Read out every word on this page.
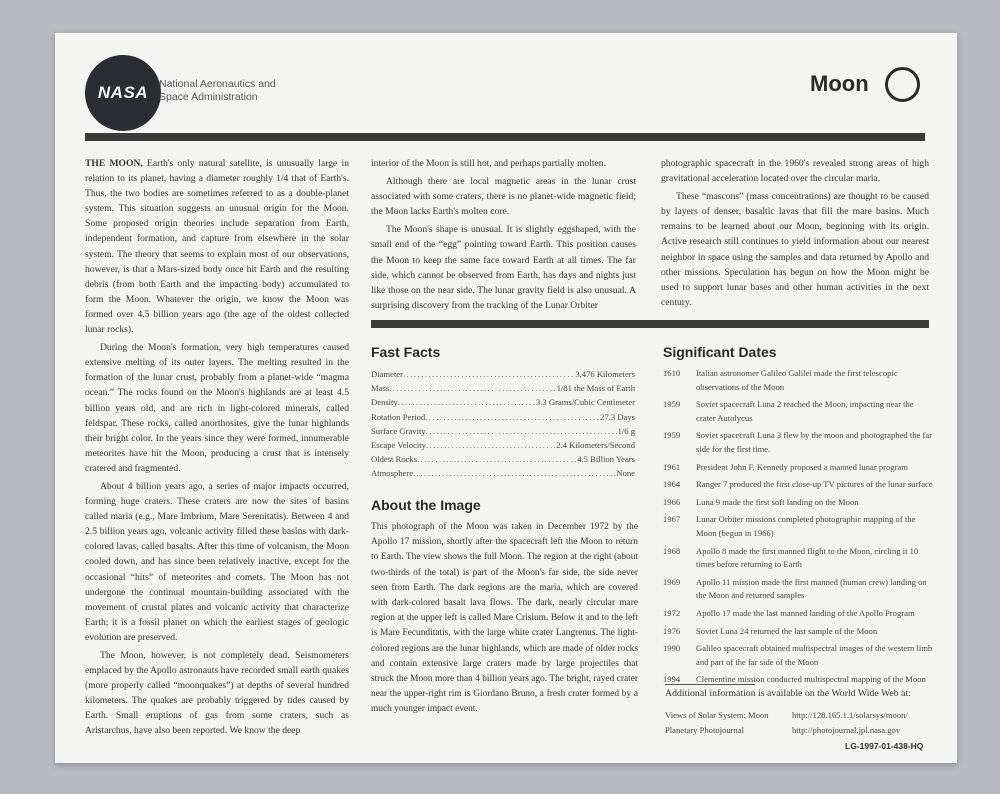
NASA National Aeronautics and
Space Administration
Moon

THE MOON, Earth's only natural satellite, is unusually large in relation to its planet, having a diameter roughly 1/4 that of Earth's. Thus, the two bodies are sometimes referred to as a double-planet system. This situation suggests an unusual origin for the Moon. Some proposed origin theories include separation from Earth, independent formation, and capture from elsewhere in the solar system. The theory that seems to explain most of our observations, however, is that a Mars-sized body once hit Earth and the resulting debris (from both Earth and the impacting body) accumulated to form the Moon. Whatever the origin, we know the Moon was formed over 4.5 billion years ago (the age of the oldest collected lunar rocks).

During the Moon's formation, very high temperatures caused extensive melting of its outer layers. The melting resulted in the formation of the lunar crust, probably from a planet-wide “magma ocean.” The rocks found on the Moon's highlands are at least 4.5 billion years old, and are rich in light-colored minerals, called feldspar. These rocks, called anorthosites, give the lunar highlands their bright color. In the years since they were formed, innumerable meteorites have hit the Moon, producing a crust that is intensely cratered and fragmented.

About 4 billion years ago, a series of major impacts occurred, forming huge craters. These craters are now the sites of basins called maria (e.g., Mare Imbrium, Mare Serenitatis). Between 4 and 2.5 billion years ago, volcanic activity filled these basins with dark-colored lavas, called basalts. After this time of volcanism, the Moon cooled down, and has since been relatively inactive, except for the occasional “hits” of meteorites and comets. The Moon has not undergone the continual mountain-building associated with the movement of crustal plates and volcanic activity that characterize Earth; it is a fossil planet on which the earliest stages of geologic evolution are preserved.

The Moon, however, is not completely dead. Seismometers emplaced by the Apollo astronauts have recorded small earth quakes (more properly called “moonquakes”) at depths of several hundred kilometers. The quakes are probably triggered by tides caused by Earth. Small eruptions of gas from some craters, such as Aristarchus, have also been reported. We know the deep

interior of the Moon is still hot, and perhaps partially molten.

Although there are local magnetic areas in the lunar crust associated with some craters, there is no planet-wide magnetic field; the Moon lacks Earth's molten core.

The Moon's shape is unusual. It is slightly eggshaped, with the small end of the “egg” pointing toward Earth. This position causes the Moon to keep the same face toward Earth at all times. The far side, which cannot be observed from Earth, has days and nights just like those on the near side. The lunar gravity field is also unusual. A surprising discovery from the tracking of the Lunar Orbiter

photographic spacecraft in the 1960's revealed strong areas of high gravitational acceleration located over the circular maria.

These “mascons” (mass concentrations) are thought to be caused by layers of denser, basaltic lavas that fill the mare basins. Much remains to be learned about our Moon, beginning with its origin. Active research still continues to yield information about our nearest neighbor in space using the samples and data returned by Apollo and other missions. Speculation has begun on how the Moon might be used to support lunar bases and other human activities in the next century.

Fast Facts
Diameter .....	3,476 Kilometers
Mass .....	1/81 the Mass of Earth
Density .....	3.3 Grams/Cubic Centimeter
Rotation Period .....	27.3 Days
Surface Gravity .....	1/6 g
Escape Velocity .....	2.4 Kilometers/Second
Oldest Rocks .....	4.5 Billion Years
Atmosphere .....	None
About the Image

This photograph of the Moon was taken in December 1972 by the Apollo 17 mission, shortly after the spacecraft left the Moon to return to Earth. The view shows the full Moon. The region at the right (about two-thirds of the total) is part of the Moon's far side, the side never seen from Earth. The dark regions are the maria, which are covered with dark-colored basalt lava flows. The dark, nearly circular mare region at the upper left is called Mare Crisium. Below it and to the left is Mare Fecunditatis, with the large white crater Langrenus. The light-colored regions are the lunar highlands, which are made of older rocks and contain extensive large craters made by large projectiles that struck the Moon more than 4 billion years ago. The bright, rayed crater near the upper-right rim is Giordano Bruno, a fresh crater formed by a much younger impact event.

Significant Dates
1610	Italian astronomer Galileo Galilei made the first telescopic observations of the Moon
1959	Soviet spacecraft Luna 2 reached the Moon, impacting near the crater Autolycus
1959	Soviet spacecraft Luna 3 flew by the moon and photographed the far side for the first time.
1961	President John F. Kennedy proposed a manned lunar program
1964	Ranger 7 produced the first close-up TV pictures of the lunar surface
1966	Luna 9 made the first soft landing on the Moon
1967	Lunar Orbiter missions completed photographic mapping of the Moon (begun in 1966)
1968	Apollo 8 made the first manned flight to the Moon, circling it 10 times before returning to Earth
1969	Apollo 11 mission made the first manned (human crew) landing on the Moon and returned samples
1972	Apollo 17 made the last manned landing of the Apollo Program
1976	Soviet Luna 24 returned the last sample of the Moon
1990	Galileo spacecraft obtained multispectral images of the western limb and part of the far side of the Moon
1994	Clementine mission conducted multispectral mapping of the Moon
Additional information is available on the World Wide Web at:
Views of Solar System: Moon	http://128.165.1.1/solarsys/moon/
Planetary Photojournal	http://photojournal.jpl.nasa.gov
LG-1997-01-438-HQ
